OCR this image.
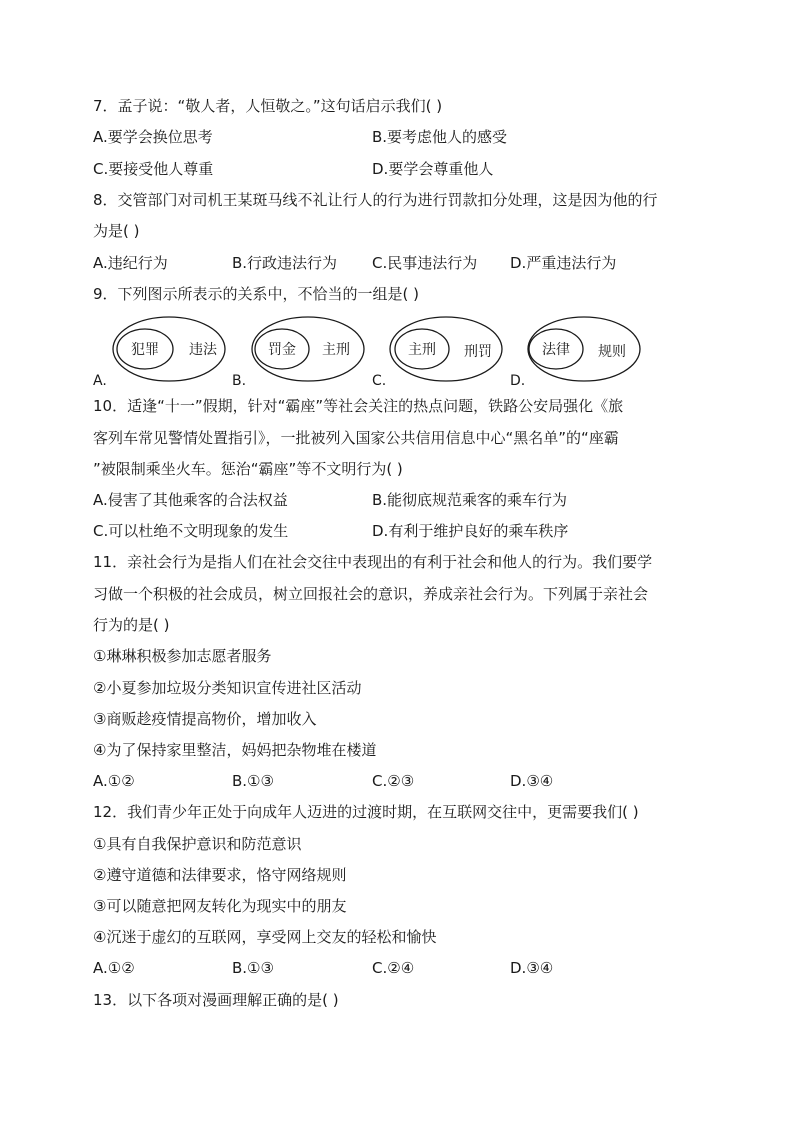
7．孟子说：“敬人者，人恒敬之。”这句话启示我们( )
A.要学会换位思考	B.要考虑他人的感受
C.要接受他人尊重	D.要学会尊重他人
8．交管部门对司机王某斑马线不礼让行人的行为进行罚款扣分处理，这是因为他的行
为是( )
A.违纪行为	B.行政违法行为 C.民事违法行为 D.严重违法行为
9．下列图示所表示的关系中，不恰当的一组是( )
犯罪 违法
A.
罚金 主刑
B.
主刑 刑罚
C.
法律 规则
D.
10．适逢“十一”假期，针对“霸座”等社会关注的热点问题，铁路公安局强化《旅
客列车常见警情处置指引》，一批被列入国家公共信用信息中心“黑名单”的“座霸
”被限制乘坐火车。惩治“霸座”等不文明行为( )
A.侵害了其他乘客的合法权益	B.能彻底规范乘客的乘车行为
C.可以杜绝不文明现象的发生	D.有利于维护良好的乘车秩序
11．亲社会行为是指人们在社会交往中表现出的有利于社会和他人的行为。我们要学
习做一个积极的社会成员，树立回报社会的意识，养成亲社会行为。下列属于亲社会
行为的是( )
①琳琳积极参加志愿者服务
②小夏参加垃圾分类知识宣传进社区活动
③商贩趁疫情提高物价，增加收入
④为了保持家里整洁，妈妈把杂物堆在楼道
A.①②	B.①③	C.②③	D.③④
12．我们青少年正处于向成年人迈进的过渡时期，在互联网交往中，更需要我们( )
①具有自我保护意识和防范意识
②遵守道德和法律要求，恪守网络规则
③可以随意把网友转化为现实中的朋友
④沉迷于虚幻的互联网，享受网上交友的轻松和愉快
A.①②	B.①③	C.②④	D.③④
13．以下各项对漫画理解正确的是( )
